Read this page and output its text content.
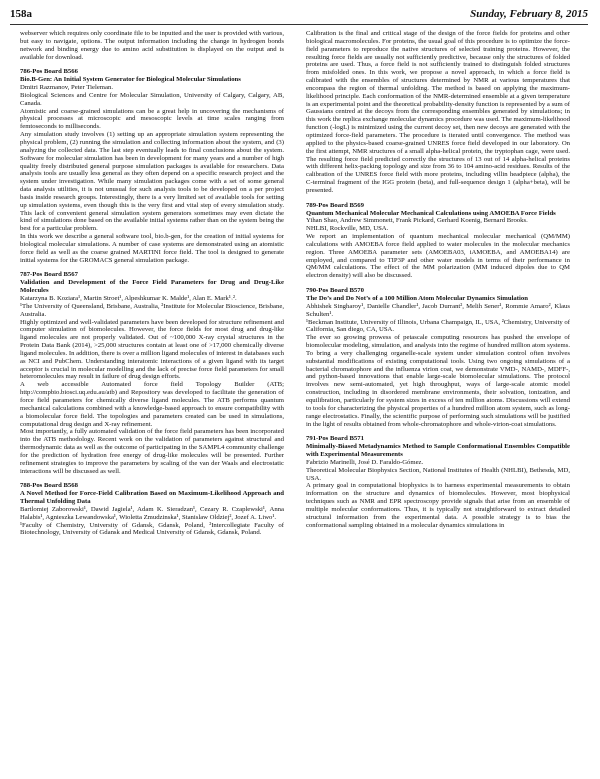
158a	Sunday, February 8, 2015

webserver which requires only coordinate file to be inputted and the user is provided with various, but easy to navigate, options. The output information including the change in hydrogen bonds network and binding energy due to amino acid substitution is displayed on the output and is available for download.

786-Pos Board B566

Bio.B-Gen: An Initial System Generator for Biological Molecular Simulations

Dmitri Razmanov, Peter Tieleman.

Biological Sciences and Centre for Molecular Simulation, University of Calgary, Calgary, AB, Canada.

Atomistic and coarse-grained simulations can be a great help in uncovering the mechanisms of physical processes at microscopic and mesoscopic levels at time scales ranging from femtoseconds to milliseconds.

Any simulation study involves (1) setting up an appropriate simulation system representing the physical problem, (2) running the simulation and collecting information about the system, and (3) analyzing the collected data. The last step eventually leads to final conclusions about the system. Software for molecular simulation has been in development for many years and a number of high quality freely distributed general purpose simulation packages is available for researchers. Data analysis tools are usually less general as they often depend on a specific research project and the system under investigation. While many simulation packages come with a set of some general data analysis utilities, it is not unusual for such analysis tools to be developed on a per project basis inside research groups. Interestingly, there is a very limited set of available tools for setting up simulation systems, even though this is the very first and vital step of every simulation study. This lack of convenient general simulation system generators sometimes may even dictate the kind of simulations done based on the available initial systems rather than on the system being the best for a particular problem.

In this work we describe a general software tool, bio.b-gen, for the creation of initial systems for biological molecular simulations. A number of case systems are demonstrated using an atomistic force field as well as the coarse grained MARTINI force field. The tool is designed to generate initial systems for the GROMACS general simulation package.

787-Pos Board B567

Validation and Development of the Force Field Parameters for Drug and Drug-Like Molecules

Katarzyna B. Koziara¹, Martin Stroet¹, Alpeshkumar K. Malde¹, Alan E. Mark¹˒².

¹The University of Queensland, Brisbane, Australia, ²Institute for Molecular Bioscience, Brisbane, Australia.

Highly optimized and well-validated parameters have been developed for structure refinement and computer simulation of biomolecules. However, the force fields for most drug and drug-like ligand molecules are not properly validated. Out of ~100,000 X-ray crystal structures in the Protein Data Bank (2014), >25,000 structures contain at least one of >17,000 chemically diverse ligand molecules. In addition, there is over a million ligand molecules of interest in databases such as NCI and PubChem. Understanding interatomic interactions of a given ligand with its target acceptor is crucial in molecular modelling and the lack of precise force field parameters for small heteromolecules may result in failure of drug design efforts.

A web accessible Automated force field Topology Builder (ATB; http://compbio.biosci.uq.edu.au/atb) and Repository was developed to facilitate the generation of force field parameters for chemically diverse ligand molecules. The ATB performs quantum mechanical calculations combined with a knowledge-based approach to ensure compatibility with a biomolecular force field. The topologies and parameters created can be used in simulations, computational drug design and X-ray refinement.

Most importantly, a fully automated validation of the force field parameters has been incorporated into the ATB methodology. Recent work on the validation of parameters against structural and thermodynamic data as well as the outcome of participating in the SAMPL4 community challenge for the prediction of hydration free energy of drug-like molecules will be presented. Further refinement strategies to improve the parameters by scaling of the van der Waals and electrostatic interactions will be discussed as well.

788-Pos Board B568

A Novel Method for Force-Field Calibration Based on Maximum-Likelihood Approach and Thermal Unfolding Data

Bartlomiej Zaborowski¹, Dawid Jagiela¹, Adam K. Sieradzan¹, Cezary R. Czaplewski¹, Anna Halabis¹, Agnieszka Lewandowska¹, Wioletta Zmudzinska¹, Stanislaw Oldziej², Jozef A. Liwo¹.

¹Faculty of Chemistry, University of Gdansk, Gdansk, Poland, ²Intercollegiate Faculty of Biotechnology, University of Gdansk and Medical University of Gdansk, Gdansk, Poland.

Calibration is the final and critical stage of the design of the force fields for proteins and other biological macromolecules. For proteins, the usual goal of this procedure is to optimize the force-field parameters to reproduce the native structures of selected training proteins. However, the resulting force fields are usually not sufficiently predictive, because only the structures of folded proteins are used. Thus, a force field is not sufficiently trained to distinguish folded structures from misfolded ones. In this work, we propose a novel approach, in which a force field is calibrated with the ensembles of structures determined by NMR at various temperatures that encompass the region of thermal unfolding. The method is based on applying the maximum-likelihood principle. Each conformation of the NMR-determined ensemble at a given temperature is an experimental point and the theoretical probability-density function is represented by a sum of Gaussians centred at the decoys from the corresponding ensembles generated by simulations; in this work the replica exchange molecular dynamics procedure was used. The maximum-likelihood function (-logL) is minimized using the current decoy set, then new decoys are generated with the optimized force-field parameters. The procedure is iterated until convergence. The method was applied to the physics-based coarse-grained UNRES force field developed in our laboratory. On the first attempt, NMR structures of a small alpha-helical protein, the tryptophan cage, were used. The resulting force field predicted correctly the structures of 13 out of 14 alpha-helical proteins with different helix-packing topology and size from 36 to 104 amino-acid residues. Results of the calibration of the UNRES force field with more proteins, including villin headpiece (alpha), the C-terminal fragment of the IGG protein (beta), and full-sequence design 1 (alpha+beta), will be presented.

789-Pos Board B569

Quantum Mechanical Molecular Mechanical Calculations using AMOEBA Force Fields

Yihan Shao, Andrew Simmonett, Frank Pickard, Gerhard Koenig, Bernard Brooks.

NHLBI, Rockville, MD, USA.

We report an implementation of quantum mechanical molecular mechanical (QM/MM) calculations with AMOEBA force field applied to water molecules in the molecular mechanics region. Three AMOEBA parameter sets (AMOEBA03, iAMOEBA, and AMOEBA14) are employed, and compared to TIP3P and other water models in terms of their performance in QM/MM calculations. The effect of the MM polarization (MM induced dipoles due to QM electron density) will also be discussed.

790-Pos Board B570

The Do’s and Do Not’s of a 100 Million Atom Molecular Dynamics Simulation

Abhishek Singharoy¹, Danielle Chandler¹, Jacob Durrant², Melih Sener¹, Rommie Amaro², Klaus Schulten¹.

¹Beckman Institute, University of Illinois, Urbana Champaign, IL, USA, ²Chemistry, University of California, San diego, CA, USA.

The ever so growing prowess of petascale computing resources has pushed the envelope of biomolecular modeling, simulation, and analysis into the regime of hundred million atom systems. To bring a very challenging organelle-scale system under simulation control often involves substantial modifications of existing computational tools. Using two ongoing simulations of a bacterial chromatophore and the influenza virion coat, we demonstrate VMD-, NAMD-, MDFF-, and python-based innovations that enable large-scale biomolecular simulations. The protocol involves new semi-automated, yet high throughput, ways of large-scale atomic model construction, including in disordered membrane environments, their solvation, ionization, and equilibration, particularly for system sizes in excess of ten million atoms. Discussions will extend to tools for characterizing the physical properties of a hundred million atom system, such as long-range electrostatics. Finally, the scientific purpose of performing such simulations will be justified in the light of results obtained from whole-chromatophore and whole-virion-coat simulations.

791-Pos Board B571

Minimally-Biased Metadynamics Method to Sample Conformational Ensembles Compatible with Experimental Measurements

Fabrizio Marinelli, José D. Faraldo-Gómez.

Theoretical Molecular Biophysics Section, National Institutes of Health (NHLBI), Bethesda, MD, USA.

A primary goal in computational biophysics is to harness experimental measurements to obtain information on the structure and dynamics of biomolecules. However, most biophysical techniques such as NMR and EPR spectroscopy provide signals that arise from an ensemble of multiple molecular conformations. Thus, it is typically not straightforward to extract detailed structural information from the experimental data. A possible strategy is to bias the conformational sampling obtained in a molecular dynamics simulations in
